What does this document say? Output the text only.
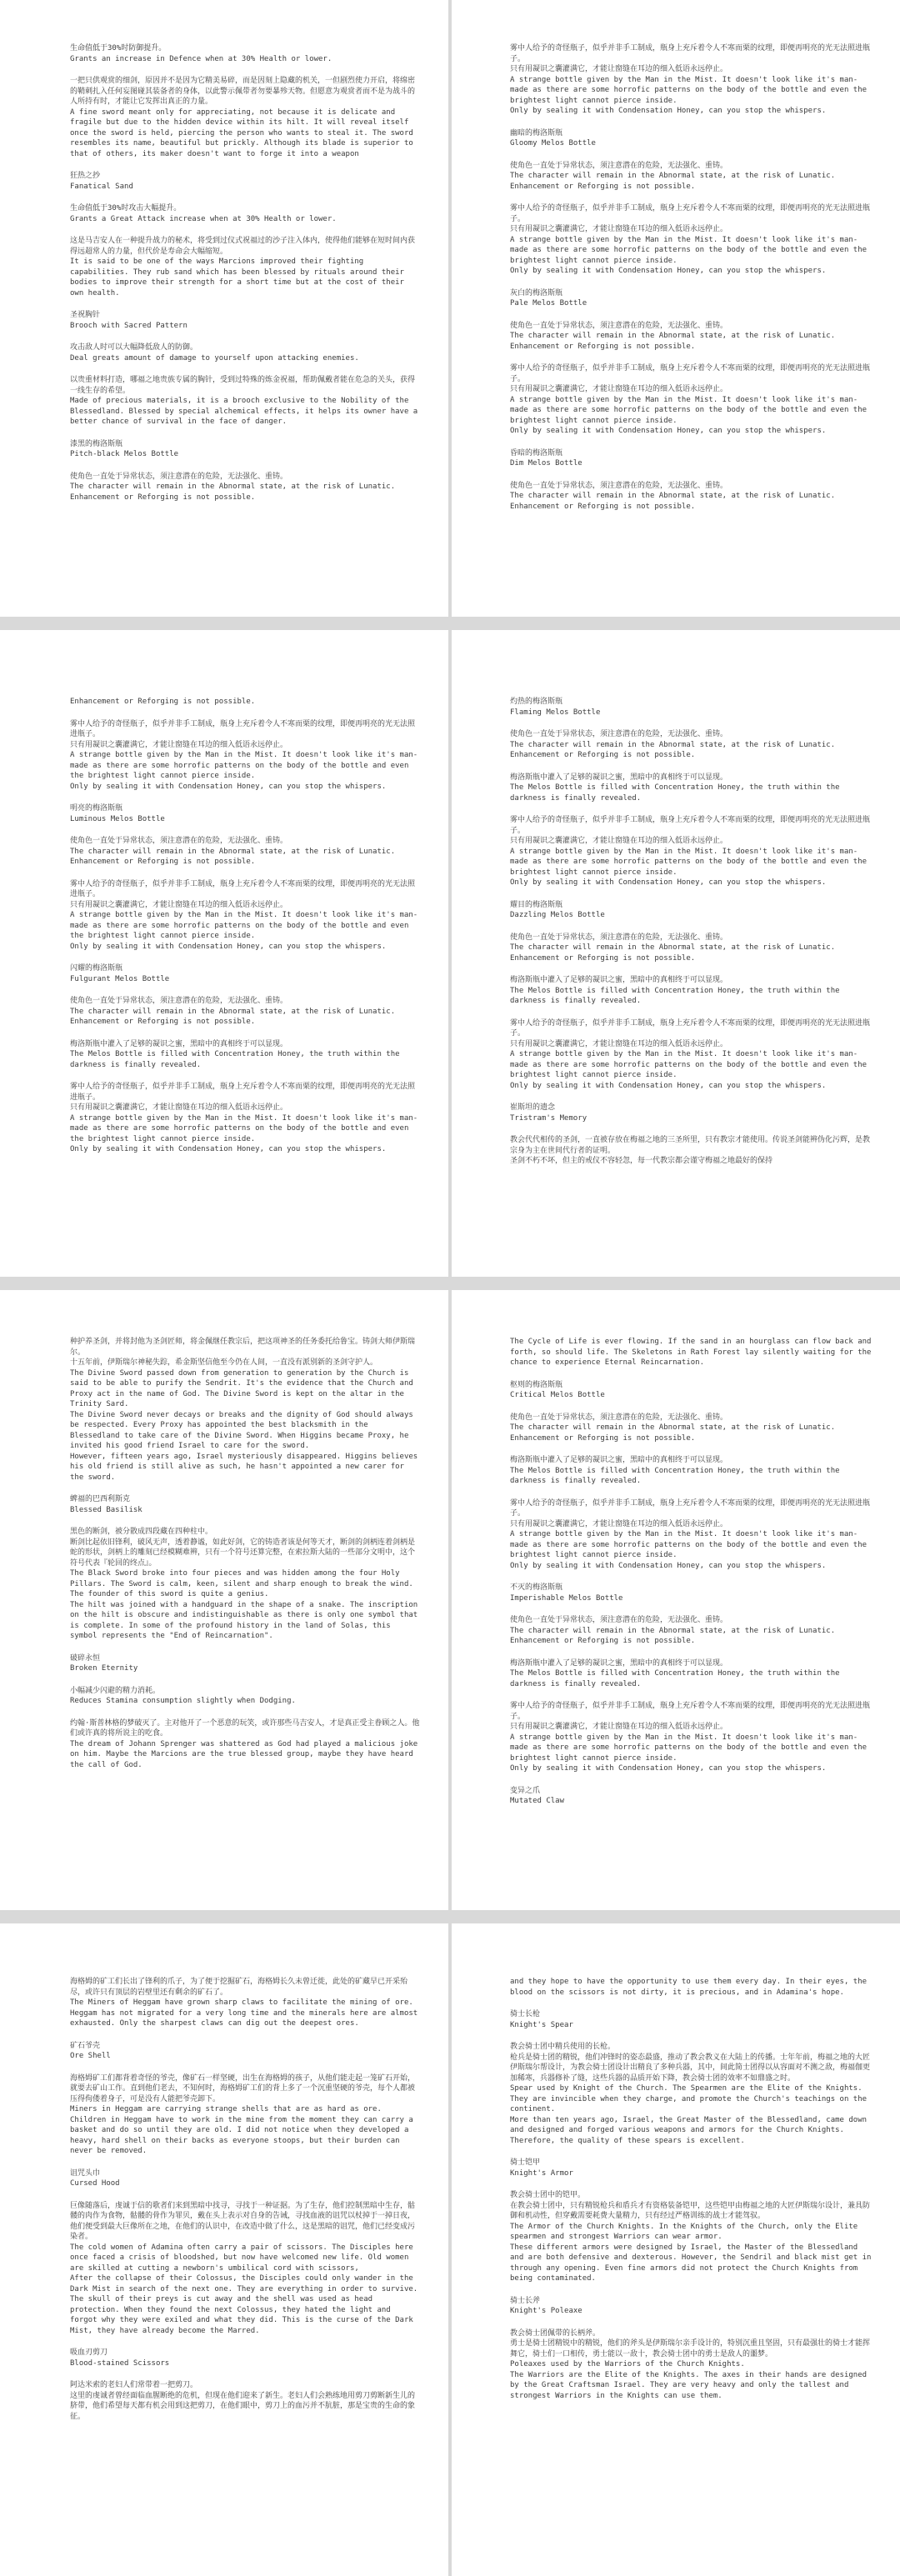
生命值低于30%时防御提升。
Grants an increase in Defence when at 30% Health or lower.
一把只供观赏的细剑，原因并不是因为它精美易碎，而是因刻上隐藏的机关，一但剧烈使力开启，将绵密的鞘刺扎入任何妄图碰其装备者的身体，以此警示佩带者勿要暴殄天物。但愿意为观赏者而不是为战斗的人所持有时，才能让它发挥出真正的力量。
A fine sword meant only for appreciating, not because it is delicate and fragile but due to the hidden device within its hilt. It will reveal itself once the sword is held, piercing the person who wants to steal it. The sword resembles its name, beautiful but prickly. Although its blade is superior to that of others, its maker doesn't want to forge it into a weapon
狂热之抄
Fanatical Sand
生命值低于30%时攻击大幅提升。
Grants a Great Attack increase when at 30% Health or lower.
这是马吉安人在一种提升战力的秘术，将受到过仪式祝福过的沙子注入体内，使得他们能够在短时间内获得远超常人的力量，但代价是寿命会大幅缩短。
It is said to be one of the ways Marcions improved their fighting capabilities. They rub sand which has been blessed by rituals around their bodies to improve their strength for a short time but at the cost of their own health.
圣祝胸针
Brooch with Sacred Pattern
攻击敌人时可以大幅降低敌人的防御。
Deal greats amount of damage to yourself upon attacking enemies.
以贵重材料打造，哪福之地贵族专属的胸针，受到过特殊的炼金祝福，帮助佩戴者能在危急的关头，获得一线生存的希望。
Made of precious materials, it is a brooch exclusive to the Nobility of the Blessedland. Blessed by special alchemical effects, it helps its owner have a better chance of survival in the face of danger.
漆黑的梅洛斯瓶
Pitch-black Melos Bottle
使角色一直处于异常状态，须注意潜在的危险，无法强化、重铸。
The character will remain in the Abnormal state, at the risk of Lunatic. Enhancement or Reforging is not possible.
雾中人给予的奇怪瓶子，似乎并非手工制成，瓶身上充斥着令人不寒而栗的纹理，即便再明亮的光无法照进瓶子。
只有用凝识之囊灌满它，才能让窗缝在耳边的细入低语永远停止。
A strange bottle given by the Man in the Mist. It doesn't look like it's man-made as there are some horrofic patterns on the body of the bottle and even the brightest light cannot pierce inside.
Only by sealing it with Condensation Honey, can you stop the whispers.
幽暗的梅洛斯瓶
Gloomy Melos Bottle
使角色一直处于异常状态，须注意潜在的危险，无法强化、重铸。
The character will remain in the Abnormal state, at the risk of Lunatic. Enhancement or Reforging is not possible.
雾中人给予的奇怪瓶子，似乎并非手工制成，瓶身上充斥着令人不寒而栗的纹理，即便再明亮的光无法照进瓶子。
只有用凝识之囊灌满它，才能让窗缝在耳边的细入低语永远停止。
A strange bottle given by the Man in the Mist. It doesn't look like it's man-made as there are some horrofic patterns on the body of the bottle and even the brightest light cannot pierce inside.
Only by sealing it with Condensation Honey, can you stop the whispers.
灰白的梅洛斯瓶
Pale Melos Bottle
使角色一直处于异常状态，须注意潜在的危险，无法强化、重铸。
The character will remain in the Abnormal state, at the risk of Lunatic. Enhancement or Reforging is not possible.
雾中人给予的奇怪瓶子，似乎并非手工制成，瓶身上充斥着令人不寒而栗的纹理，即便再明亮的光无法照进瓶子。
只有用凝识之囊灌满它，才能让窗缝在耳边的细入低语永远停止。
A strange bottle given by the Man in the Mist. It doesn't look like it's man-made as there are some horrofic patterns on the body of the bottle and even the brightest light cannot pierce inside.
Only by sealing it with Condensation Honey, can you stop the whispers.
昏暗的梅洛斯瓶
Dim Melos Bottle
使角色一直处于异常状态，须注意潜在的危险，无法强化、重铸。
The character will remain in the Abnormal state, at the risk of Lunatic. Enhancement or Reforging is not possible.
Enhancement or Reforging is not possible.
雾中人给予的奇怪瓶子，似乎并非手工制成，瓶身上充斥着令人不寒而栗的纹理，即便再明亮的光无法照进瓶子。
只有用凝识之囊灌满它，才能让窗缝在耳边的细入低语永远停止。
A strange bottle given by the Man in the Mist. It doesn't look like it's man-made as there are some horrofic patterns on the body of the bottle and even the brightest light cannot pierce inside.
Only by sealing it with Condensation Honey, can you stop the whispers.
明亮的梅洛斯瓶
Luminous Melos Bottle
使角色一直处于异常状态，须注意潜在的危险，无法强化、重铸。
The character will remain in the Abnormal state, at the risk of Lunatic. Enhancement or Reforging is not possible.
雾中人给予的奇怪瓶子，似乎并非手工制成，瓶身上充斥着令人不寒而栗的纹理，即便再明亮的光无法照进瓶子。
只有用凝识之囊灌满它，才能让窗缝在耳边的细入低语永远停止。
A strange bottle given by the Man in the Mist. It doesn't look like it's man-made as there are some horrofic patterns on the body of the bottle and even the brightest light cannot pierce inside.
Only by sealing it with Condensation Honey, can you stop the whispers.
闪耀的梅洛斯瓶
Fulgurant Melos Bottle
使角色一直处于异常状态，须注意潜在的危险，无法强化、重铸。
The character will remain in the Abnormal state, at the risk of Lunatic. Enhancement or Reforging is not possible.
梅洛斯瓶中灌入了足够的凝识之蜜，黑暗中的真相终于可以显现。
The Melos Bottle is filled with Concentration Honey, the truth within the darkness is finally revealed.
雾中人给予的奇怪瓶子，似乎并非手工制成，瓶身上充斥着令人不寒而栗的纹理，即便再明亮的光无法照进瓶子。
只有用凝识之囊灌满它，才能让窗缝在耳边的细入低语永远停止。
A strange bottle given by the Man in the Mist. It doesn't look like it's man-made as there are some horrofic patterns on the body of the bottle and even the brightest light cannot pierce inside.
Only by sealing it with Condensation Honey, can you stop the whispers.
灼热的梅洛斯瓶
Flaming Melos Bottle
使角色一直处于异常状态，须注意潜在的危险，无法强化、重铸。
The character will remain in the Abnormal state, at the risk of Lunatic. Enhancement or Reforging is not possible.
梅洛斯瓶中灌入了足够的凝识之蜜，黑暗中的真相终于可以显现。
The Melos Bottle is filled with Concentration Honey, the truth within the darkness is finally revealed.
雾中人给予的奇怪瓶子，似乎并非手工制成，瓶身上充斥着令人不寒而栗的纹理，即便再明亮的光无法照进瓶子。
只有用凝识之囊灌满它，才能让窗缝在耳边的细入低语永远停止。
A strange bottle given by the Man in the Mist. It doesn't look like it's man-made as there are some horrofic patterns on the body of the bottle and even the brightest light cannot pierce inside.
Only by sealing it with Condensation Honey, can you stop the whispers.
耀目的梅洛斯瓶
Dazzling Melos Bottle
使角色一直处于异常状态，须注意潜在的危险，无法强化、重铸。
The character will remain in the Abnormal state, at the risk of Lunatic. Enhancement or Reforging is not possible.
梅洛斯瓶中灌入了足够的凝识之蜜，黑暗中的真相终于可以显现。
The Melos Bottle is filled with Concentration Honey, the truth within the darkness is finally revealed.
雾中人给予的奇怪瓶子，似乎并非手工制成，瓶身上充斥着令人不寒而栗的纹理，即便再明亮的光无法照进瓶子。
只有用凝识之囊灌满它，才能让窗缝在耳边的细入低语永远停止。
A strange bottle given by the Man in the Mist. It doesn't look like it's man-made as there are some horrofic patterns on the body of the bottle and even the brightest light cannot pierce inside.
Only by sealing it with Condensation Honey, can you stop the whispers.
崔斯坦的遗念
Tristram's Memory
教会代代相传的圣剑，一直被存放在梅福之地的三圣所里，只有教宗才能使用。传说圣剑能辨伪化污辉，是教宗身为主在世间代行者的证明。
圣剑不朽不坏，但主的戒仪不容轻忽，每一代教宗都会谨守梅福之地最好的保持
种护养圣剑，并将封他为圣剑匠师，将金佩继任教宗后，把这项神圣的任务委托给鲁宝。铸剑大师伊斯瑞尔。
十五年前，伊斯瑞尔神秘失踪，希金斯坚信他至今仍在人间，一直没有派别新的圣剑守护人。
The Divine Sword passed down from generation to generation by the Church is said to be able to purify the Sendrit. It's the evidence that the Church and Proxy act in the name of God. The Divine Sword is kept on the altar in the Trinity Sard.
The Divine Sword never decays or breaks and the dignity of God should always be respected. Every Proxy has appointed the best blacksmith in the Blessedland to take care of the Divine Sword. When Higgins became Proxy, he invited his good friend Israel to care for the sword.
However, fifteen years ago, Israel mysteriously disappeared. Higgins believes his old friend is still alive as such, he hasn't appointed a new carer for the sword.
蜱福的巴西利斯克
Blessed Basilisk
黑色的断剑，被分散成四段藏在四种柱中。
断剑比起依旧锋利，破风无声，透着静谧，如此好剑，它的铸造者该是何等天才，断剑的剑柄连着剑柄是蛇的形状，剑柄上的雕刻已经模糊难辨，只有一个符号还算完整，在索拉斯大陆的一些部分文明中，这个符号代表『轮回的终点』。
The Black Sword broke into four pieces and was hidden among the four Holy Pillars. The Sword is calm, keen, silent and sharp enough to break the wind. The founder of this sword is quite a genius.
The hilt was joined with a handguard in the shape of a snake. The inscription on the hilt is obscure and indistinguishable as there is only one symbol that is complete. In some of the profound history in the land of Solas, this symbol represents the "End of Reincarnation".
破碎永恒
Broken Eternity
小幅减少闪避的精力消耗。
Reduces Stamina consumption slightly when Dodging.
约翰·斯普林格的梦破灭了。主对他开了一个恶意的玩笑，或许那些马吉安人，才是真正受主眷顾之人。他们或许真的将所说主的吃食。
The dream of Johann Sprenger was shattered as God had played a malicious joke on him. Maybe the Marcions are the true blessed group, maybe they have heard the call of God.
The Cycle of Life is ever flowing. If the sand in an hourglass can flow back and forth, so should life. The Skeletons in Rath Forest lay silently waiting for the chance to experience Eternal Reincarnation.
枢则的梅洛斯瓶
Critical Melos Bottle
使角色一直处于异常状态，须注意潜在的危险，无法强化、重铸。
The character will remain in the Abnormal state, at the risk of Lunatic. Enhancement or Reforging is not possible.
梅洛斯瓶中灌入了足够的凝识之蜜，黑暗中的真相终于可以显现。
The Melos Bottle is filled with Concentration Honey, the truth within the darkness is finally revealed.
雾中人给予的奇怪瓶子，似乎并非手工制成，瓶身上充斥着令人不寒而栗的纹理，即便再明亮的光无法照进瓶子。
只有用凝识之囊灌满它，才能让窗缝在耳边的细入低语永远停止。
A strange bottle given by the Man in the Mist. It doesn't look like it's man-made as there are some horrofic patterns on the body of the bottle and even the brightest light cannot pierce inside.
Only by sealing it with Condensation Honey, can you stop the whispers.
不灭的梅洛斯瓶
Imperishable Melos Bottle
使角色一直处于异常状态，须注意潜在的危险，无法强化、重铸。
The character will remain in the Abnormal state, at the risk of Lunatic. Enhancement or Reforging is not possible.
梅洛斯瓶中灌入了足够的凝识之蜜，黑暗中的真相终于可以显现。
The Melos Bottle is filled with Concentration Honey, the truth within the darkness is finally revealed.
雾中人给予的奇怪瓶子，似乎并非手工制成，瓶身上充斥着令人不寒而栗的纹理，即便再明亮的光无法照进瓶子。
只有用凝识之囊灌满它，才能让窗缝在耳边的细入低语永远停止。
A strange bottle given by the Man in the Mist. It doesn't look like it's man-made as there are some horrofic patterns on the body of the bottle and even the brightest light cannot pierce inside.
Only by sealing it with Condensation Honey, can you stop the whispers.
变异之爪
Mutated Claw
海格姆的矿工们长出了锋利的爪子，为了便于挖掘矿石，海格姆长久未曾迁徙，此处的矿藏早已开采殆尽，或许只有顶层的岩壁里还有剩余的矿石了。
The Miners of Heggam have grown sharp claws to facilitate the mining of ore. Heggam has not migrated for a very long time and the minerals here are almost exhausted. Only the sharpest claws can dig out the deepest ores.
矿石爷壳
Ore Shell
海格姆矿工们都背着奇怪的爷壳，像矿石一样坚硬，出生在海格姆的孩子，从他们能走起一笼矿石开始，就要去矿山工作。直到他们老去，不知何时，海格姆矿工们的背上多了一个沉重坚硬的爷壳，每个人都被压得佝偻着身子，可是没有人能把爷壳卸下。
Miners in Heggam are carrying strange shells that are as hard as ore. Children in Heggam have to work in the mine from the moment they can carry a basket and do so until they are old. I did not notice when they developed a heavy, hard shell on their backs as everyone stoops, but their burden can never be removed.
诅咒头巾
Cursed Hood
巨像随落后，虔诚于信的歌者们来到黑暗中找寻，寻找于一种证据。为了生存，他们控制黑暗中生存，骷髅的肉作为食物，骷髅的骨作为罪贝，戴在头上表示对自身的告诫，寻找血液的诅咒以杖掉于一掉日夜，他们便受到最大巨像所在之地，在他们的认识中，在改造中做了什么，这是黑暗的诅咒，他们已经变成污染者。
The cold women of Adamina often carry a pair of scissors. The Disciples here once faced a crisis of bloodshed, but now have welcomed new life. Old women are skilled at cutting a newborn's umbilical cord with scissors,
After the collapse of their Colossus, the Disciples could only wander in the Dark Mist in search of the next one. They are everything in order to survive. The skull of their preys is cut away and the shell was used as head protection. When they found the next Colossus, they hated the light and forgot why they were exiled and what they did. This is the curse of the Dark Mist, they have already become the Marred.
吸血刃剪刀
Blood-stained Scissors
阿达米索的老妇人们常带着一把剪刀。
这里的虔诚者曾经面临血腥断绝的危机，但现在他们迎来了新生。老妇人们会熟练地用剪刀剪断新生儿的脐带，他们希望每天都有机会用到这把剪刀，在他们眼中，剪刀上的血污并不肮脏，那是宝贵的生命的象征。
and they hope to have the opportunity to use them every day. In their eyes, the blood on the scissors is not dirty, it is precious, and in Adamina's hope.
骑士长枪
Knight's Spear
教会骑士团中精兵使用的长枪。
枪兵是骑士团的精锐，他们冲锋时的姿态最盛，推动了教会教义在大陆上的传播。士年年前，梅福之地的大匠伊斯瑞尔帮设计，为教会骑士团设计出精良了多种兵器，其中，间此简士团得以从容面对不测之敌，梅福伽更加稀寒，兵器修补了缝，这些兵器的品质开始下降，教会骑士团的效率不如鼎盛之时。
Spear used by Knight of the Church. The Spearmen are the Elite of the Knights. They are invincible when they charge, and promote the Church's teachings on the continent.
More than ten years ago, Israel, the Great Master of the Blessedland, came down and designed and forged various weapons and armors for the Church Knights. Therefore, the quality of these spears is excellent.
骑士铠甲
Knight's Armor
教会骑士团中的铠甲。
在教会骑士团中，只有精锐枪兵和盾兵才有资格装备铠甲，这些铠甲由梅福之地的大匠伊斯瑞尔设计，兼具防御和机动性，但穿戴需要耗费大量精力，只有经过严格训练的战士才能驾驭。
The Armor of the Church Knights. In the Knights of the Church, only the Elite spearmen and strongest Warriors can wear armor.
These different armors were designed by Israel, the Master of the Blessedland and are both defensive and dexterous. However, the Sendril and black mist get in through any opening. Even fine armors did not protect the Church Knights from being contaminated.
骑士长斧
Knight's Poleaxe
教会骑士团佩带的长柄斧。
勇士是骑士团精锐中的精锐，他们的斧头是伊斯瑞尔亲手设计的，特别沉重且坚固，只有最强壮的骑士才能挥舞它，骑士们一口相传，勇士能以一敌十，教会骑士团中的勇士是敌人的噩梦。
Poleaxes used by the Warriors of the Church Knights.
The Warriors are the Elite of the Knights. The axes in their hands are designed by the Great Craftsman Israel. They are very heavy and only the tallest and strongest Warriors in the Knights can use them.
